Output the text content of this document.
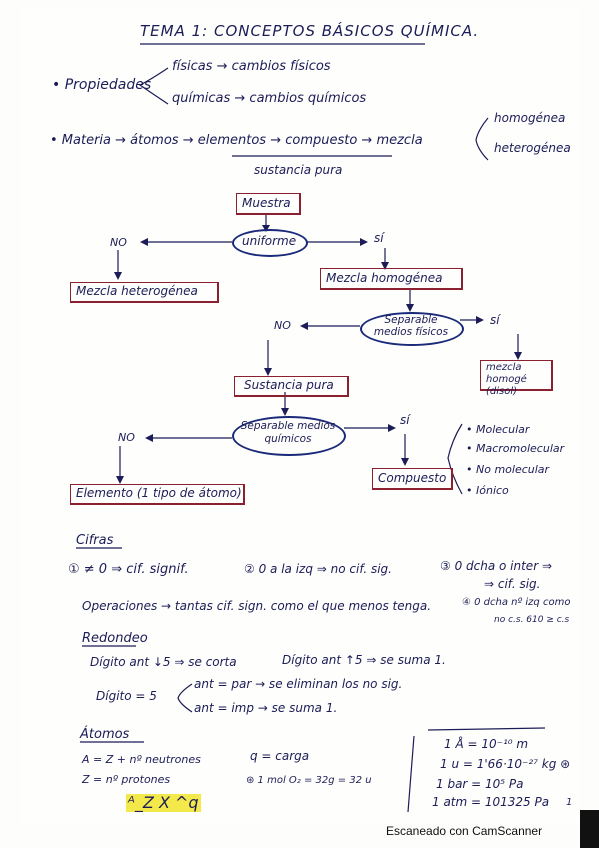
TEMA 1: CONCEPTOS BÁSICOS QUÍMICA.
• Propiedades
físicas → cambios físicos
químicas → cambios químicos
• Materia → átomos → elementos → compuesto → mezcla
homogénea
heterogénea
sustancia pura
Muestra
uniforme
NO	sí
Mezcla heterogénea
Mezcla homogénea
Separable medios físicos
NO	sí
Sustancia pura
mezcla homogé (disol)
Separable medios químicos
NO
sí
Elemento (1 tipo de átomo)
Compuesto
• Molecular
• Macromolecular
• No molecular
• Iónico
Cifras
① ≠ 0 ⇒ cif. signif.	② 0 a la izq ⇒ no cif. sig.	③ 0 dcha o inter ⇒
⇒ cif. sig.
Operaciones → tantas cif. sign. como el que menos tenga.	④ 0 dcha nº izq como
no c.s. 610 ≥ c.s
Redondeo
Dígito ant ↓5 ⇒ se corta	Dígito ant ↑5 ⇒ se suma 1.
Dígito = 5
ant = par → se eliminan los no sig.
ant = imp → se suma 1.
Átomos
A = Z + nº neutrones	q = carga
Z = nº protones	⊛ 1 mol O₂ = 32g = 32 u
ᴬ_Z X ^q
1 Å = 10⁻¹⁰ m
1 u = 1'66·10⁻²⁷ kg ⊛
1 bar = 10⁵ Pa
1 atm = 101325 Pa 1
Escaneado con CamScanner
